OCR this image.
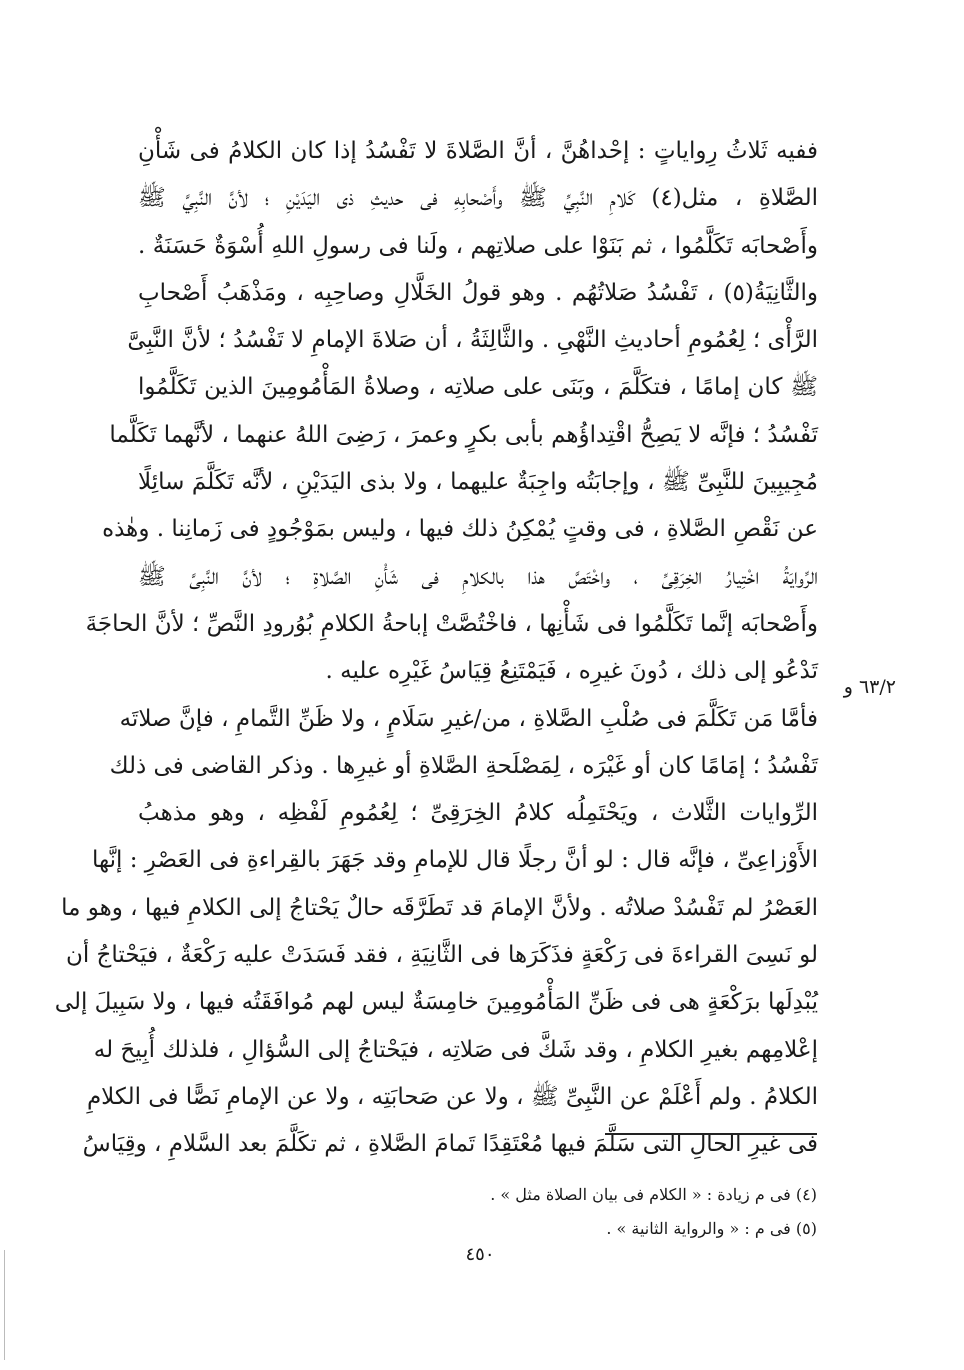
ففيه ثَلاثُ رِواياتٍ : إحْداهُنَّ ، أنَّ الصَّلاةَ لا تَفْسُدُ إذا كان الكلامُ فى شَأْنِ
الصَّلاةِ ، مثل(٤) كَلامِ النَّبِيِّ ﷺ وأَصْحابِهِ فى حديثِ ذى اليَدَيْنِ ؛ لأنَّ النَّبِيَّ ﷺ
وأَصْحابَه تَكَلَّمُوا ، ثم بَنَوْا على صلاتِهم ، ولَنا فى رسولِ اللهِ أُسْوَةٌ حَسَنَةٌ .
والثَّانِيَةُ(٥) ، تَفْسُدُ صَلاتُهُم . وهو قولُ الخَلَّالِ وصاحِبِه ، ومَذْهَبُ أَصْحابِ
الرَّأْى ؛ لِعُمُومِ أحاديثِ النَّهْىِ . والثَّالِثَةُ ، أن صَلاةَ الإمامِ لا تَفْسُدُ ؛ لأنَّ النَّبِىَّ
ﷺ كان إمامًا ، فتكَلَّمَ ، وبَنَى على صلاتِه ، وصلاةُ المَأْمُومِينَ الذين تَكَلَّمُوا
تَفْسُدُ ؛ فإنَّه لا يَصِحُّ اقْتِداؤُهم بأبى بكرٍ وعمرَ ، رَضِىَ اللهُ عنهما ، لأنَّهما تَكَلَّما
مُجِيبِينَ للنَّبِىِّ ﷺ ، وإجابَتُه واجِبَةٌ عليهما ، ولا بذى اليَدَيْنِ ، لأنَّه تَكَلَّمَ سائِلًا
عن نَقْصِ الصَّلاةِ ، فى وقتٍ يُمْكِنُ ذلك فيها ، وليس بمَوْجُودٍ فى زَمانِنا . وهٰذه
الرِّوايَةُ اخْتِيارُ الخِرَقِىِّ ، واخْتَصَّ هذا بالكلامِ فى شَأْنِ الصَّلاةِ ؛ لأنَّ النَّبِىَّ ﷺ
وأَصْحابَه إنَّما تَكَلَّمُوا فى شَأْنِها ، فاخْتُصَّتْ إباحةُ الكلامِ بُوُرودِ النَّصِّ ؛ لأنَّ الحاجَةَ
تَدْعُو إلى ذلك ، دُونَ غيرِه ، فَيَمْتَنِعُ قِيَاسُ غَيْرِه عليه .
فأمَّا مَن تَكَلَّمَ فى صُلْبِ الصَّلاةِ ، من/غيرِ سَلَامٍ ، ولا ظَنِّ التَّمامِ ، فإنَّ صلاتَه
تَفْسُدُ ؛ إمَامًا كان أو غَيْرَه ، لِمَصْلَحةِ الصَّلاةِ أو غيرِها . وذكر القاضى فى ذلك
الرِّوايات الثَّلاث ، ويَحْتَمِلُه كلامُ الخِرَقِىِّ ؛ لِعُمُومِ لَفْظِه ، وهو مذهبُ
الأَوْزاعِىِّ ، فإنَّه قال : لو أنَّ رجلًا قال للإمامِ وقد جَهَرَ بالقِراءةِ فى العَصْرِ : إنَّها
العَصْرُ لم تَفْسُدْ صلاتُه . ولأنَّ الإمامَ قد تَطَرَّقَه حالٌ يَحْتاجُ إلى الكلامِ فيها ، وهو ما
لو نَسِىَ القراءةَ فى رَكْعَةٍ فذَكَرَها فى الثَّانِيَةِ ، فقد فَسَدَتْ عليه رَكْعَةٌ ، فيَحْتاجُ أن
يُبْدِلَها برَكْعَةٍ هى فى ظَنِّ المَأْمُومِينَ خامِسَةٌ ليس لهم مُوافَقَتُه فيها ، ولا سَبِيلَ إلى
إعْلامِهم بغيرِ الكلامِ ، وقد شَكَّ فى صَلاتِه ، فيَحْتاجُ إلى السُّؤالِ ، فلذلك أُبِيحَ له
الكلامُ . ولم أَعْلَمْ عن النَّبِىِّ ﷺ ، ولا عن صَحابَتِه ، ولا عن الإمامِ نَصًّا فى الكلامِ
فى غيرِ الحالِ التى سَلَّمَ فيها مُعْتَقِدًا تَمامَ الصَّلاةِ ، ثم تكَلَّمَ بعد السَّلامِ ، وقِيَاسُ
٦٣/٢ و
(٤) فى م زيادة : « الكلام فى بيان الصلاة مثل » .
(٥) فى م : « والرواية الثانية » .
٤٥٠
